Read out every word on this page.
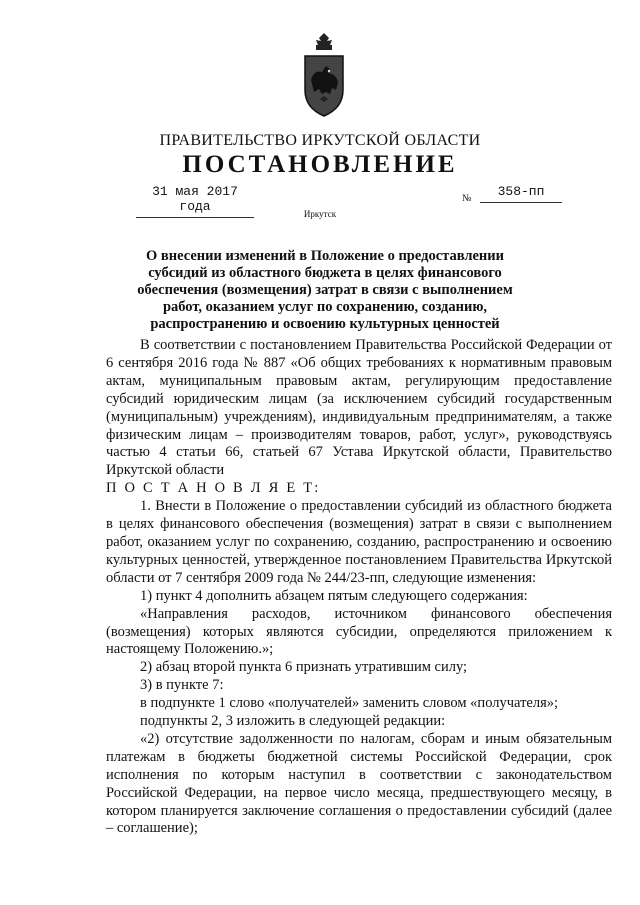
ПРАВИТЕЛЬСТВО ИРКУТСКОЙ ОБЛАСТИ
ПОСТАНОВЛЕНИЕ
31 мая 2017 года
№	358-пп
Иркутск
О внесении изменений в Положение о предоставлении субсидий из областного бюджета в целях финансового обеспечения (возмещения) затрат в связи с выполнением работ, оказанием услуг по сохранению, созданию, распространению и освоению культурных ценностей

В соответствии с постановлением Правительства Российской Федерации от 6 сентября 2016 года № 887 «Об общих требованиях к нормативным правовым актам, муниципальным правовым актам, регулирующим предоставление субсидий юридическим лицам (за исключением субсидий государственным (муниципальным) учреждениям), индивидуальным предпринимателям, а также физическим лицам – производителям товаров, работ, услуг», руководствуясь частью 4 статьи 66, статьей 67 Устава Иркутской области, Правительство Иркутской области

П О С Т А Н О В Л Я Е Т:

1. Внести в Положение о предоставлении субсидий из областного бюджета в целях финансового обеспечения (возмещения) затрат в связи с выполнением работ, оказанием услуг по сохранению, созданию, распространению и освоению культурных ценностей, утвержденное постановлением Правительства Иркутской области от 7 сентября 2009 года № 244/23-пп, следующие изменения:

1) пункт 4 дополнить абзацем пятым следующего содержания:

«Направления расходов, источником финансового обеспечения (возмещения) которых являются субсидии, определяются приложением к настоящему Положению.»;

2) абзац второй пункта 6 признать утратившим силу;

3) в пункте 7:

в подпункте 1 слово «получателей» заменить словом «получателя»;

подпункты 2, 3 изложить в следующей редакции:

«2) отсутствие задолженности по налогам, сборам и иным обязательным платежам в бюджеты бюджетной системы Российской Федерации, срок исполнения по которым наступил в соответствии с законодательством Российской Федерации, на первое число месяца, предшествующего месяцу, в котором планируется заключение соглашения о предоставлении субсидий (далее – соглашение);
